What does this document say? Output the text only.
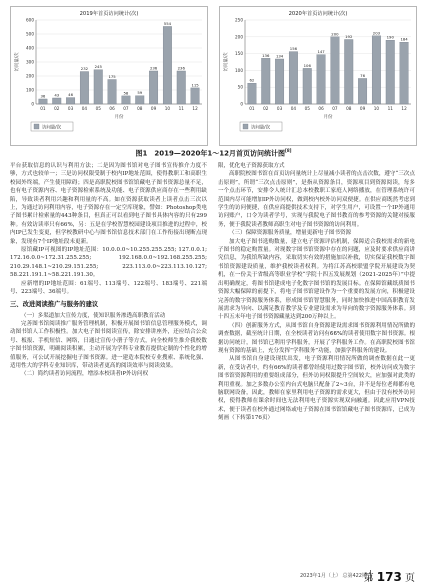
2019年首页访问统计(次)
0
100
200
300
400
500
600
访问量/次
36
01
43
02
46
03
232
04
245
05
175
06
58
07
59
08
236
09
554
10
236
11
115
12
月份
访问量/次
2020年首页访问统计(次)
0
50
100
150
200
250
访问量/次
62
01
136
02
134
03
156
04
106
05
147
06
200
07
192
08
76
09
203
10
190
11
184
12
月份
访问量/次
图1　2019—2020年1～12月首页访问统计图[8]

平台获取信息的认识与利用方法；二是因为图书馆对电子图书宣传推介力度不够，方式也较单一；三是访问权限受制于校内IP地址范围，使得教职工和高职生校园外终端，产生使用障碍；四是高职院校图书馆馆藏电子图书资源总量不足，也有电子资源内容、电子资源检索系统及功能、电子资源供应商存在一些利用缺陷，导致读者利用兴趣和利用量的不高。如在资源获取读者上读者点击三次以上，为通过访问利用内容，电子资源存在一定空库现象，譬如：Photoshop类电子图书累计检索量的443种条目，但真正可以看到电子图书具体内容的只有299种。有效访读率只有66%，另：五是在学校智慧校园建设项目推进的过程中，校内IP已发生变更，但学校教研中心与图书馆信息技术部门在工作衔接出现断点现象，发现有7个IP地址段未更新。

原馆藏IP可视图的IP地址范围：10.0.0.0~10.255.255.255; 127.0.0.1; 172.16.0.0~172.31.255.255; 192.168.0.0~192.168.255.255; 210.29.148.1~210.29.151.255; 223.113.0.0~223.113.10.127; 58.221.191.1~58.221.191.30。

应新增的IP地址范围：61端号、113端号、122端号、183端号、221端号、223端号、36端号。

三、改进阅读推广与服务的建议

（一）多渠道加大宣传力度，使知识服务渗透高职教育活动

完善图书馆阅读推广服务管理机制，积极开展图书馆信息管理服务模式，调动图书馆人工作积极性。加大电子图书阅读宣传，除安排讲座外，还应结合公众号、板报、手机短信、网络，日通过宣传小册子等方式，向全校师生推介我校数字图书馆资源，明确阅读积累，主动开展为学科专业教育提供定制的个性化的增值服务，可公试开展挖掘电子图书资源。进一建造本院校专业搜索、系统化强、适用性大的学科专业知识库，带动读者更高的阅读效率与阅读效果。

（二）简约读者访问流程，增添本校读者IP外访问权

限，优化电子资源获取方式

高职院校图书馆在首页访问量统计上尽量减小读者的点击次数，遵守“三次点击原则”，所谓“三次点击原则”，是指从资源条目，资源项目到资源阅读，每多一个点击环节，安排令人统计汇总本校教职工家庭人网络播放，在管理系统许可范围内尽可能增加IP外访问权，做到校内校外访问双便捷。在供应商既然考虑到学生的访问便捷，在供应商提供技术支持下，对学生用户，可设置一个IP外通用访问账户，口令为读者学号，实现与我院电子图书教育的参考资源的关键对接服务，便于我院读者教师高职生对电子图书资源的访问利用。

（三）保障资源服务质量，增量更新电子图书资源

加大电子图书选购数量，建立电子资源评估机制，保障适合我校需求的新电子图书的稳定购置量。对现数字图书馆资源中存在的问题，应及时要求供应商讲究信息，为我馆所缺内容，采取切实有效的措施加以补救，切实保证我校数字图书馆资源建设质量，维护我校读者权利。为将江苏高校联盟学院开展建设为契机，在一份关于省级高等职业学校“学院十四五发展规划（2021-2025年）”中提出明确规定，将图书馆建成电子化数字图书馆的发展目标。在保障馆藏纸质图书资源大幅保障的前提下，将电子图书馆建设作为一个重要的发展方向，积极建设完善的数字资源服务体系，形成图书馆智慧服务，同时加快推进中国高职教育发展需求为导向、以满足教育教学及专业建设需求为导向的数字资源服务体系。到十四五末年电子图书资源藏量达到200万种以上。

（四）创新服务方式，从图书馆自身资源建设需求图书资源利用情况所做的调查数据，截至统计日期，在全校读者访问有66%的读者使用数字图书资源。根据访问统计，图书馆已利用学科服务，开展了学科服务工作。在高职院校图书馆现有资源的基础上，充分发挥“学科服务”功能，加强学科服务的建设。

从图书馆自身建设现状出发，电子资源利用情况所做的调查数据在此一更新，在受访者中，约有66%的读者都曾经使用过数字图书馆，校外访问成为数字图书馆资源利用的重要组成部分，但外访问权限提升空间较大，应加强对此类的利用重视。加之多数办公室内台式电脑只配备了2~3台，并不是每位老师都有电脑联网设备，因此，教师在家里利用电子资源的需求更大，但由于没有校外访问权，使得教师在课余时间也无法利用电子资源实现双向融通。因此应用VPN技术，便于读者在校外通过网络或电子资源在图书馆馆藏电子图书资源库，已成为刻画（下转第176页）

2023年1月（上） 总第422期
第 173 页
